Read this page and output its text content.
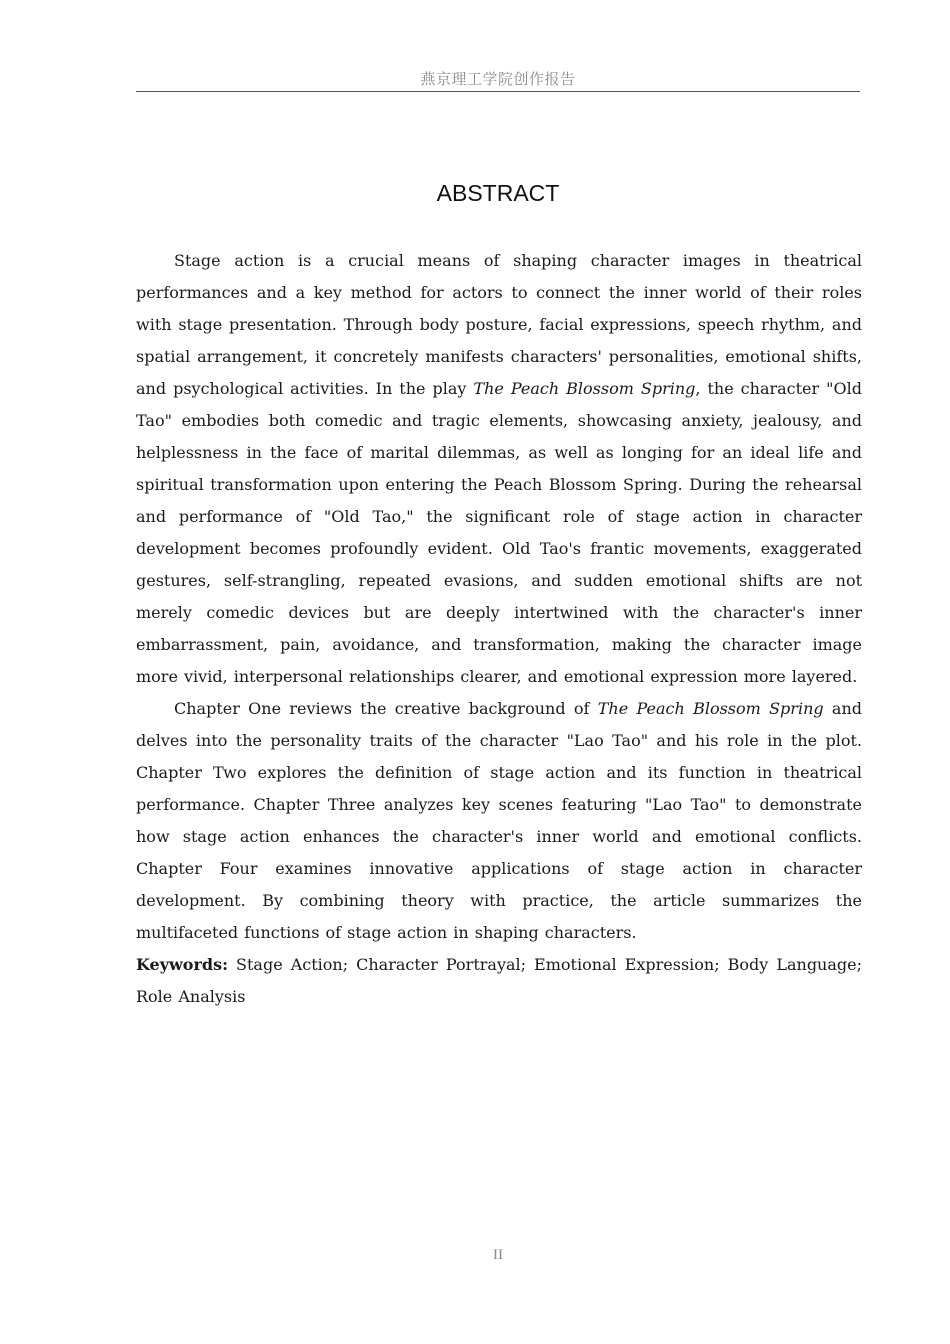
燕京理工学院创作报告
ABSTRACT

Stage action is a crucial means of shaping character images in theatrical performances and a key method for actors to connect the inner world of their roles with stage presentation. Through body posture, facial expressions, speech rhythm, and spatial arrangement, it concretely manifests characters' personalities, emotional shifts, and psychological activities. In the play The Peach Blossom Spring, the character "Old Tao" embodies both comedic and tragic elements, showcasing anxiety, jealousy, and helplessness in the face of marital dilemmas, as well as longing for an ideal life and spiritual transformation upon entering the Peach Blossom Spring. During the rehearsal and performance of "Old Tao," the significant role of stage action in character development becomes profoundly evident. Old Tao's frantic movements, exaggerated gestures, self-strangling, repeated evasions, and sudden emotional shifts are not merely comedic devices but are deeply intertwined with the character's inner embarrassment, pain, avoidance, and transformation, making the character image more vivid, interpersonal relationships clearer, and emotional expression more layered.

Chapter One reviews the creative background of The Peach Blossom Spring and delves into the personality traits of the character "Lao Tao" and his role in the plot. Chapter Two explores the definition of stage action and its function in theatrical performance. Chapter Three analyzes key scenes featuring "Lao Tao" to demonstrate how stage action enhances the character's inner world and emotional conflicts. Chapter Four examines innovative applications of stage action in character development. By combining theory with practice, the article summarizes the multifaceted functions of stage action in shaping characters.

Keywords: Stage Action; Character Portrayal; Emotional Expression; Body Language; Role Analysis

II
